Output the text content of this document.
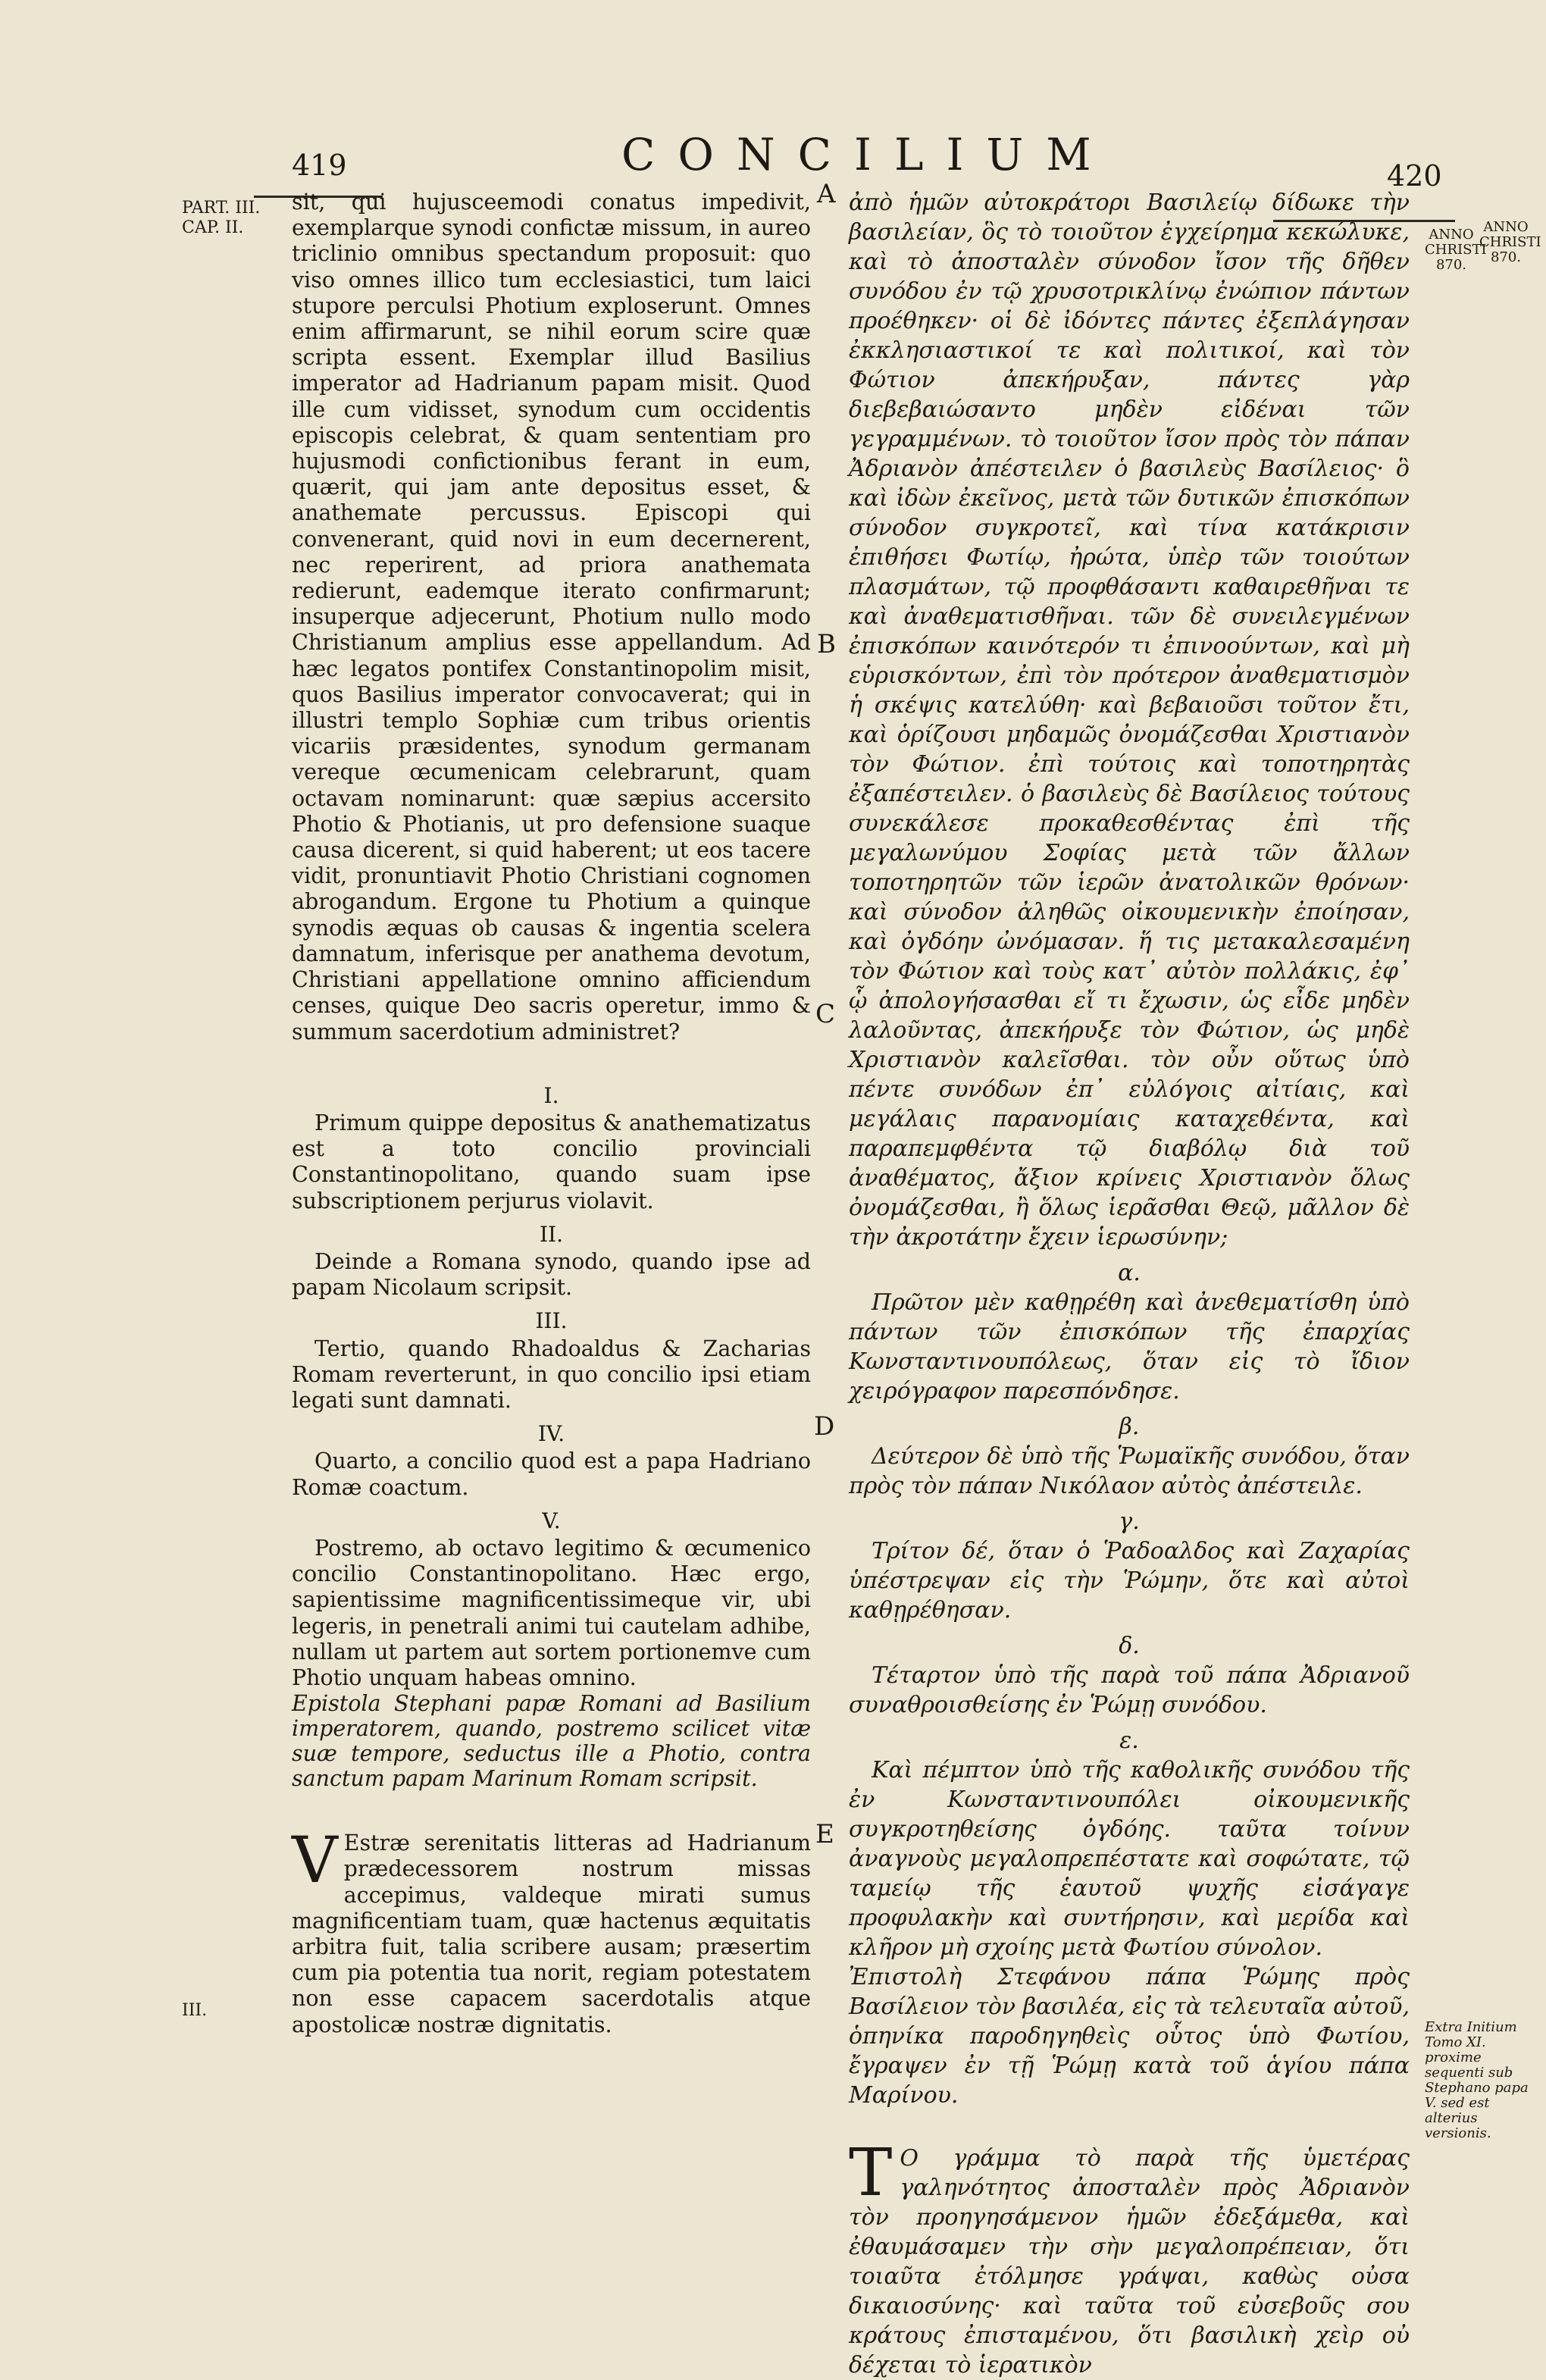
419	CONCILIUM	420
PART. III.
CAP. II.
III.
ANNO CHRISTI 870.
ANNO CHRISTI 870.
Extra Initium Tomo XI. proxime sequenti sub Stephano papa V. sed est alterius versionis.
A
B
C
D
E

sit, qui hujusceemodi conatus impedivit, exemplarque synodi confictæ missum, in aureo triclinio omnibus spectandum proposuit: quo viso omnes illico tum ecclesiastici, tum laici stupore perculsi Photium exploserunt. Omnes enim affirmarunt, se nihil eorum scire quæ scripta essent. Exemplar illud Basilius imperator ad Hadrianum papam misit. Quod ille cum vidisset, synodum cum occidentis episcopis celebrat, & quam sententiam pro hujusmodi confictionibus ferant in eum, quærit, qui jam ante depositus esset, & anathemate percussus. Episcopi qui convenerant, quid novi in eum decernerent, nec reperirent, ad priora anathemata redierunt, eademque iterato confirmarunt; insuperque adjecerunt, Photium nullo modo Christianum amplius esse appellandum. Ad hæc legatos pontifex Constantinopolim misit, quos Basilius imperator convocaverat; qui in illustri templo Sophiæ cum tribus orientis vicariis præsidentes, synodum germanam vereque œcumenicam celebrarunt, quam octavam nominarunt: quæ sæpius accersito Photio & Photianis, ut pro defensione suaque causa dicerent, si quid haberent; ut eos tacere vidit, pronuntiavit Photio Christiani cognomen abrogandum. Ergone tu Photium a quinque synodis æquas ob causas & ingentia scelera damnatum, inferisque per anathema devotum, Christiani appellatione omnino afficiendum censes, quique Deo sacris operetur, immo & summum sacerdotium administret?

I.

Primum quippe depositus & anathematizatus est a toto concilio provinciali Constantinopolitano, quando suam ipse subscriptionem perjurus violavit.

II.

Deinde a Romana synodo, quando ipse ad papam Nicolaum scripsit.

III.

Tertio, quando Rhadoaldus & Zacharias Romam reverterunt, in quo concilio ipsi etiam legati sunt damnati.

IV.

Quarto, a concilio quod est a papa Hadriano Romæ coactum.

V.

Postremo, ab octavo legitimo & œcumenico concilio Constantinopolitano. Hæc ergo, sapientissime magnificentissimeque vir, ubi legeris, in penetrali animi tui cautelam adhibe, nullam ut partem aut sortem portionemve cum Photio unquam habeas omnino.

Epistola Stephani papæ Romani ad Basilium imperatorem, quando, postremo scilicet vitæ suæ tempore, seductus ille a Photio, contra sanctum papam Marinum Romam scripsit.

V Estræ serenitatis litteras ad Hadrianum prædecessorem nostrum missas accepimus, valdeque mirati sumus magnificentiam tuam, quæ hactenus æquitatis arbitra fuit, talia scribere ausam; præsertim cum pia potentia tua norit, regiam potestatem non esse capacem sacerdotalis atque apostolicæ nostræ dignitatis.

ἀπὸ ἡμῶν αὐτοκράτορι Βασιλείῳ δίδωκε τὴν βασιλείαν, ὃς τὸ τοιοῦτον ἐγχείρημα κεκώλυκε, καὶ τὸ ἀποσταλὲν σύνοδον ἴσον τῆς δῆθεν συνόδου ἐν τῷ χρυσοτρικλίνῳ ἐνώπιον πάντων προέθηκεν· οἱ δὲ ἰδόντες πάντες ἐξεπλάγησαν ἐκκλησιαστικοί τε καὶ πολιτικοί, καὶ τὸν Φώτιον ἀπεκήρυξαν, πάντες γὰρ διεβεβαιώσαντο μηδὲν εἰδέναι τῶν γεγραμμένων. τὸ τοιοῦτον ἴσον πρὸς τὸν πάπαν Ἀδριανὸν ἀπέστειλεν ὁ βασιλεὺς Βασίλειος· ὃ καὶ ἰδὼν ἐκεῖνος, μετὰ τῶν δυτικῶν ἐπισκόπων σύνοδον συγκροτεῖ, καὶ τίνα κατάκρισιν ἐπιθήσει Φωτίῳ, ἠρώτα, ὑπὲρ τῶν τοιούτων πλασμάτων, τῷ προφθάσαντι καθαιρεθῆναι τε καὶ ἀναθεματισθῆναι. τῶν δὲ συνειλεγμένων ἐπισκόπων καινότερόν τι ἐπινοούντων, καὶ μὴ εὑρισκόντων, ἐπὶ τὸν πρότερον ἀναθεματισμὸν ἡ σκέψις κατελύθη· καὶ βεβαιοῦσι τοῦτον ἔτι, καὶ ὁρίζουσι μηδαμῶς ὀνομάζεσθαι Χριστιανὸν τὸν Φώτιον. ἐπὶ τούτοις καὶ τοποτηρητὰς ἐξαπέστειλεν. ὁ βασιλεὺς δὲ Βασίλειος τούτους συνεκάλεσε προκαθεσθέντας ἐπὶ τῆς μεγαλωνύμου Σοφίας μετὰ τῶν ἄλλων τοποτηρητῶν τῶν ἱερῶν ἀνατολικῶν θρόνων· καὶ σύνοδον ἀληθῶς οἰκουμενικὴν ἐποίησαν, καὶ ὀγδόην ὠνόμασαν. ἥ τις μετακαλεσαμένη τὸν Φώτιον καὶ τοὺς κατ᾽ αὐτὸν πολλάκις, ἐφ᾽ ᾧ ἀπολογήσασθαι εἴ τι ἔχωσιν, ὡς εἶδε μηδὲν λαλοῦντας, ἀπεκήρυξε τὸν Φώτιον, ὡς μηδὲ Χριστιανὸν καλεῖσθαι. τὸν οὖν οὕτως ὑπὸ πέντε συνόδων ἐπ᾽ εὐλόγοις αἰτίαις, καὶ μεγάλαις παρανομίαις καταχεθέντα, καὶ παραπεμφθέντα τῷ διαβόλῳ διὰ τοῦ ἀναθέματος, ἄξιον κρίνεις Χριστιανὸν ὅλως ὀνομάζεσθαι, ἢ ὅλως ἱερᾶσθαι Θεῷ, μᾶλλον δὲ τὴν ἀκροτάτην ἔχειν ἱερωσύνην;

α.

Πρῶτον μὲν καθῃρέθη καὶ ἀνεθεματίσθη ὑπὸ πάντων τῶν ἐπισκόπων τῆς ἐπαρχίας Κωνσταντινουπόλεως, ὅταν εἰς τὸ ἴδιον χειρόγραφον παρεσπόνδησε.

β.

Δεύτερον δὲ ὑπὸ τῆς Ῥωμαϊκῆς συνόδου, ὅταν πρὸς τὸν πάπαν Νικόλαον αὐτὸς ἀπέστειλε.

γ.

Τρίτον δέ, ὅταν ὁ Ῥαδοαλδος καὶ Ζαχαρίας ὑπέστρεψαν εἰς τὴν Ῥώμην, ὅτε καὶ αὐτοὶ καθῃρέθησαν.

δ.

Τέταρτον ὑπὸ τῆς παρὰ τοῦ πάπα Ἀδριανοῦ συναθροισθείσης ἐν Ῥώμῃ συνόδου.

ε.

Καὶ πέμπτον ὑπὸ τῆς καθολικῆς συνόδου τῆς ἐν Κωνσταντινουπόλει οἰκουμενικῆς συγκροτηθείσης ὀγδόης. ταῦτα τοίνυν ἀναγνοὺς μεγαλοπρεπέστατε καὶ σοφώτατε, τῷ ταμείῳ τῆς ἑαυτοῦ ψυχῆς εἰσάγαγε προφυλακὴν καὶ συντήρησιν, καὶ μερίδα καὶ κλῆρον μὴ σχοίης μετὰ Φωτίου σύνολον.

Ἐπιστολὴ Στεφάνου πάπα Ῥώμης πρὸς Βασίλειον τὸν βασιλέα, εἰς τὰ τελευταῖα αὐτοῦ, ὁπηνίκα παροδηγηθεὶς οὗτος ὑπὸ Φωτίου, ἔγραψεν ἐν τῇ Ῥώμῃ κατὰ τοῦ ἁγίου πάπα Μαρίνου.

Τ Ο γράμμα τὸ παρὰ τῆς ὑμετέρας γαληνότητος ἀποσταλὲν πρὸς Ἀδριανὸν τὸν προηγησάμενον ἡμῶν ἐδεξάμεθα, καὶ ἐθαυμάσαμεν τὴν σὴν μεγαλοπρέπειαν, ὅτι τοιαῦτα ἐτόλμησε γράψαι, καθὼς οὐσα δικαιοσύνης· καὶ ταῦτα τοῦ εὐσεβοῦς σου κράτους ἐπισταμένου, ὅτι βασιλικὴ χεὶρ οὐ δέχεται τὸ ἱερατικὸν
